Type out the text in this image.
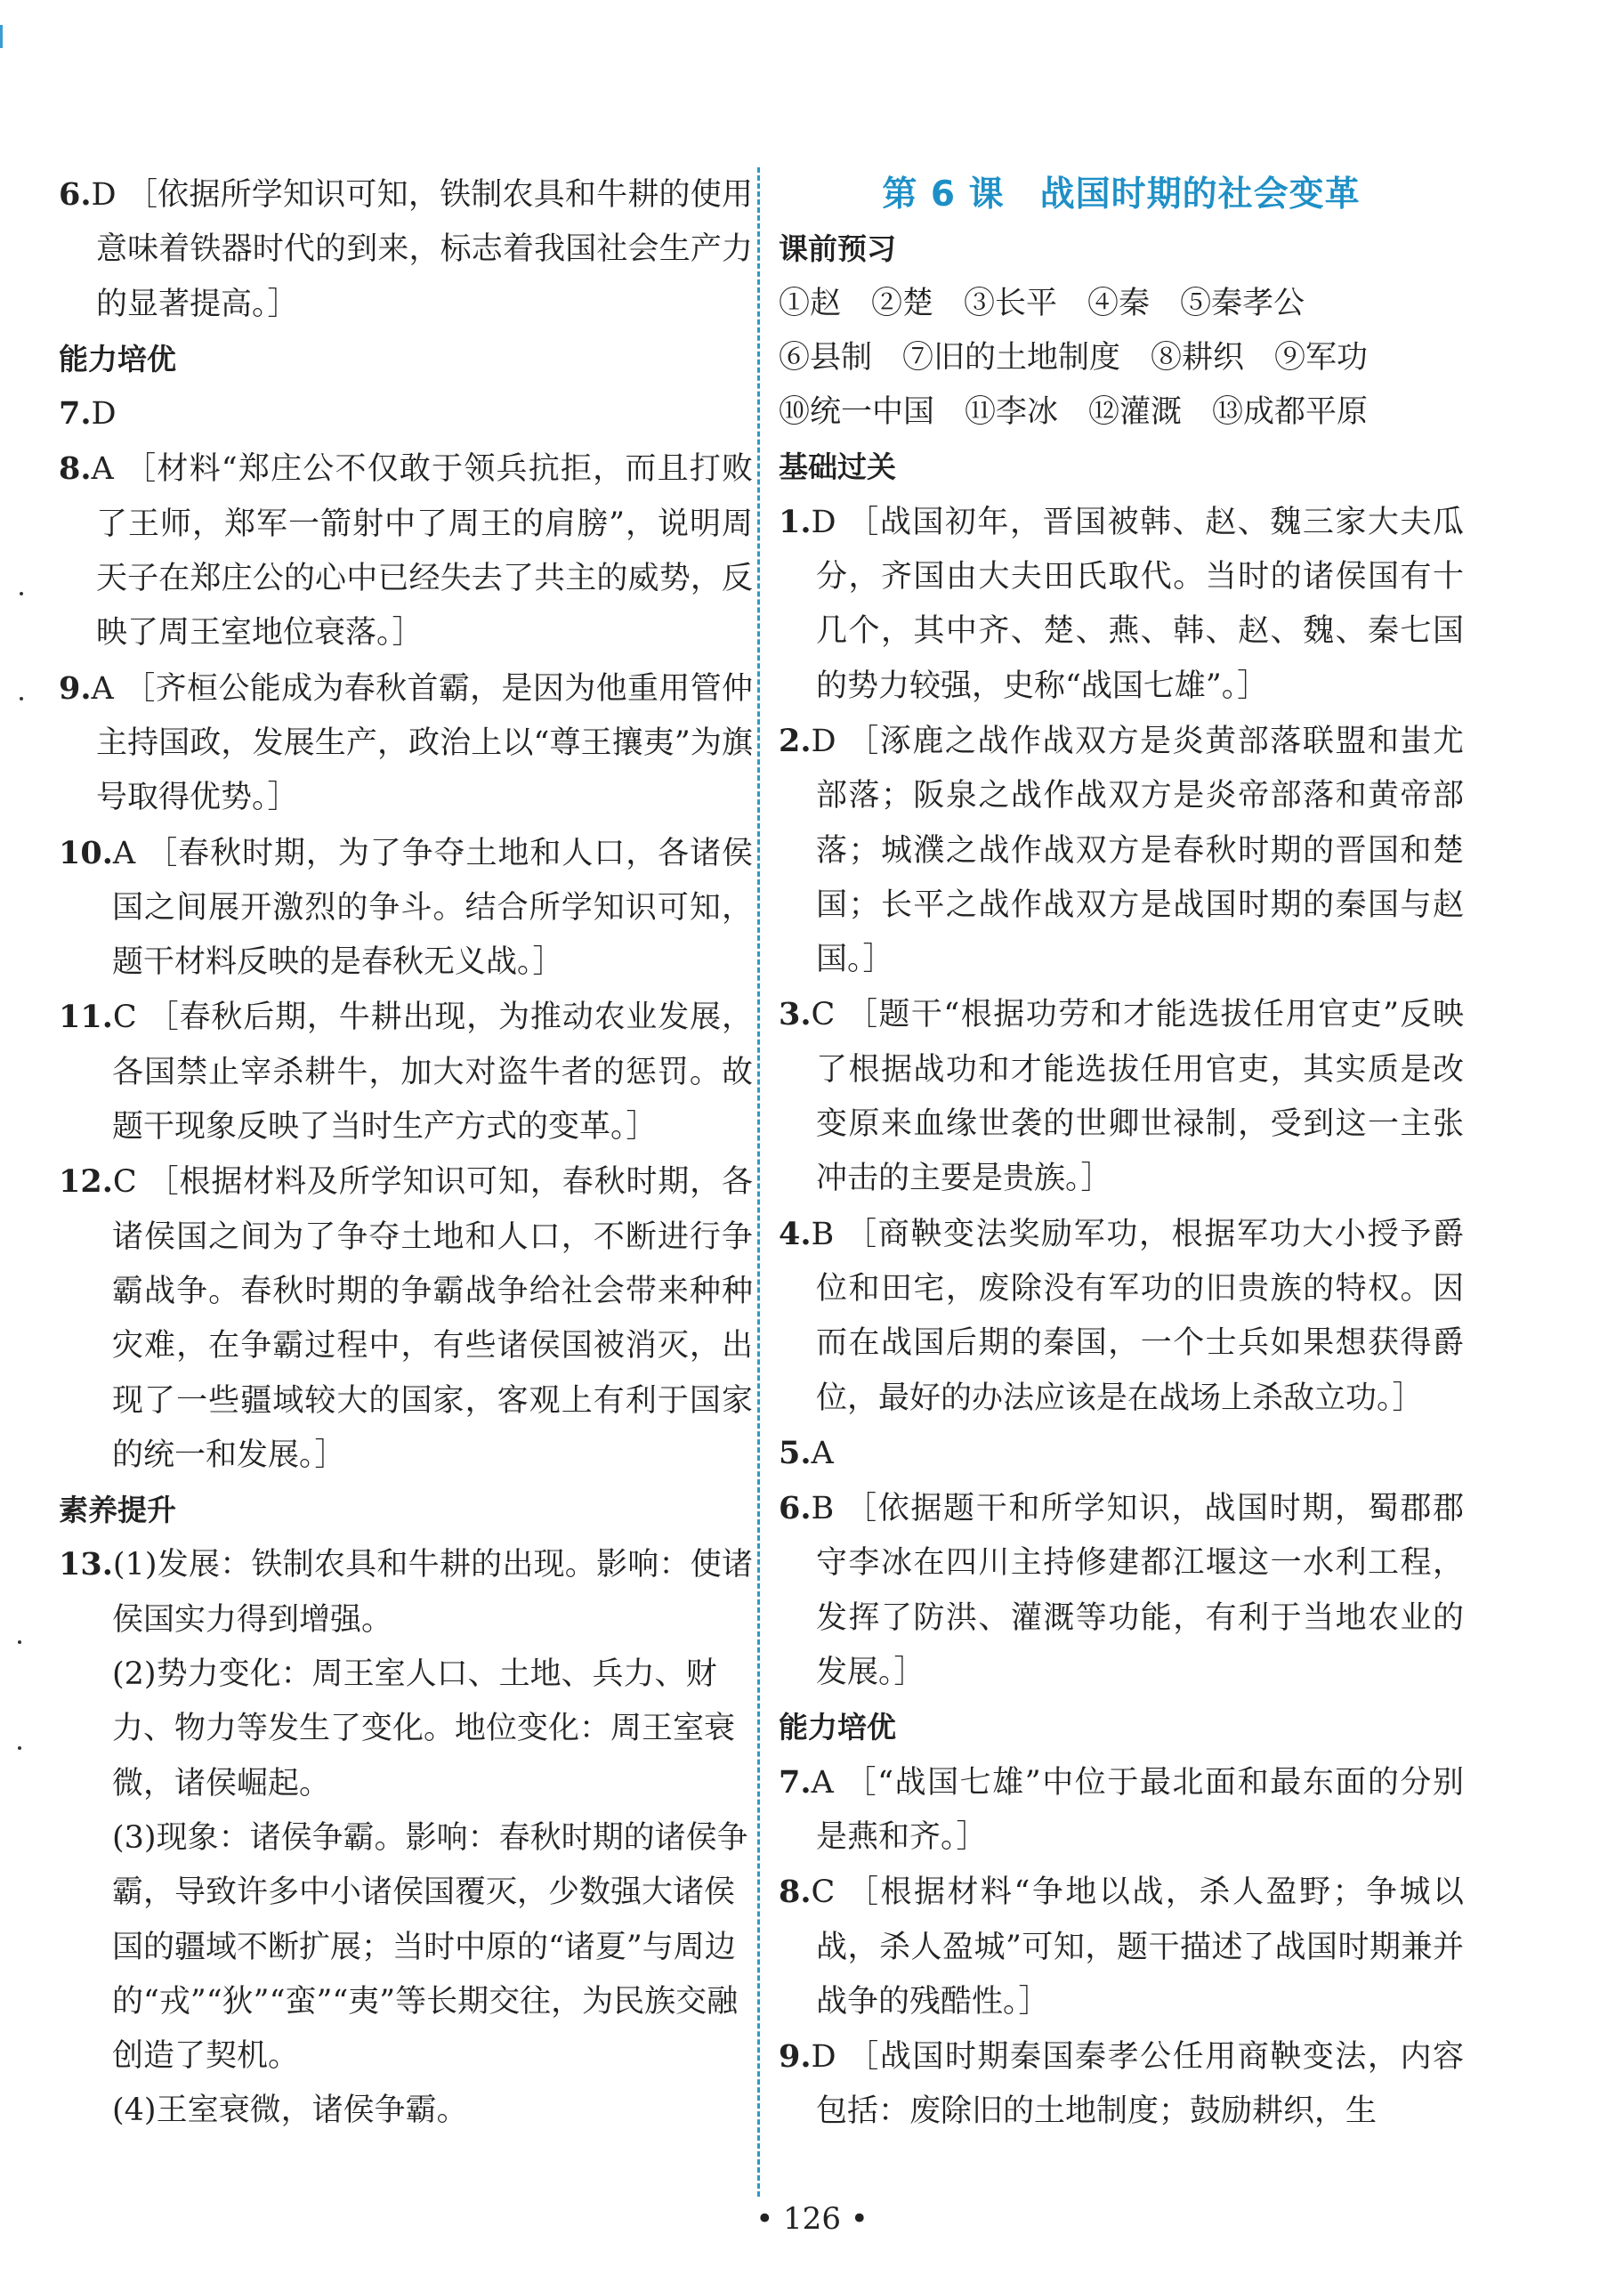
6.D ［依据所学知识可知，铁制农具和牛耕的使用意味着铁器时代的到来，标志着我国社会生产力的显著提高。］
能力培优
7.D
8.A ［材料“郑庄公不仅敢于领兵抗拒，而且打败了王师，郑军一箭射中了周王的肩膀”，说明周天子在郑庄公的心中已经失去了共主的威势，反映了周王室地位衰落。］
9.A ［齐桓公能成为春秋首霸，是因为他重用管仲主持国政，发展生产，政治上以“尊王攘夷”为旗号取得优势。］
10.A ［春秋时期，为了争夺土地和人口，各诸侯国之间展开激烈的争斗。结合所学知识可知，题干材料反映的是春秋无义战。］
11.C ［春秋后期，牛耕出现，为推动农业发展，各国禁止宰杀耕牛，加大对盗牛者的惩罚。故题干现象反映了当时生产方式的变革。］
12.C ［根据材料及所学知识可知，春秋时期，各诸侯国之间为了争夺土地和人口，不断进行争霸战争。春秋时期的争霸战争给社会带来种种灾难，在争霸过程中，有些诸侯国被消灭，出现了一些疆域较大的国家，客观上有利于国家的统一和发展。］
素养提升
13.(1)发展：铁制农具和牛耕的出现。影响：使诸侯国实力得到增强。
(2)势力变化：周王室人口、土地、兵力、财力、物力等发生了变化。地位变化：周王室衰微，诸侯崛起。
(3)现象：诸侯争霸。影响：春秋时期的诸侯争霸，导致许多中小诸侯国覆灭，少数强大诸侯国的疆域不断扩展；当时中原的“诸夏”与周边的“戎”“狄”“蛮”“夷”等长期交往，为民族交融创造了契机。
(4)王室衰微，诸侯争霸。
第 6 课　战国时期的社会变革
课前预习
①赵 ②楚 ③长平 ④秦 ⑤秦孝公
⑥县制 ⑦旧的土地制度 ⑧耕织 ⑨军功
⑩统一中国 ⑪李冰 ⑫灌溉 ⑬成都平原
基础过关
1.D ［战国初年，晋国被韩、赵、魏三家大夫瓜分，齐国由大夫田氏取代。当时的诸侯国有十几个，其中齐、楚、燕、韩、赵、魏、秦七国的势力较强，史称“战国七雄”。］
2.D ［涿鹿之战作战双方是炎黄部落联盟和蚩尤部落；阪泉之战作战双方是炎帝部落和黄帝部落；城濮之战作战双方是春秋时期的晋国和楚国；长平之战作战双方是战国时期的秦国与赵国。］
3.C ［题干“根据功劳和才能选拔任用官吏”反映了根据战功和才能选拔任用官吏，其实质是改变原来血缘世袭的世卿世禄制，受到这一主张冲击的主要是贵族。］
4.B ［商鞅变法奖励军功，根据军功大小授予爵位和田宅，废除没有军功的旧贵族的特权。因而在战国后期的秦国，一个士兵如果想获得爵位，最好的办法应该是在战场上杀敌立功。］
5.A
6.B ［依据题干和所学知识，战国时期，蜀郡郡守李冰在四川主持修建都江堰这一水利工程，发挥了防洪、灌溉等功能，有利于当地农业的发展。］
能力培优
7.A ［“战国七雄”中位于最北面和最东面的分别是燕和齐。］
8.C ［根据材料“争地以战，杀人盈野；争城以战，杀人盈城”可知，题干描述了战国时期兼并战争的残酷性。］
9.D ［战国时期秦国秦孝公任用商鞅变法，内容包括：废除旧的土地制度；鼓励耕织，生
• 126 •
